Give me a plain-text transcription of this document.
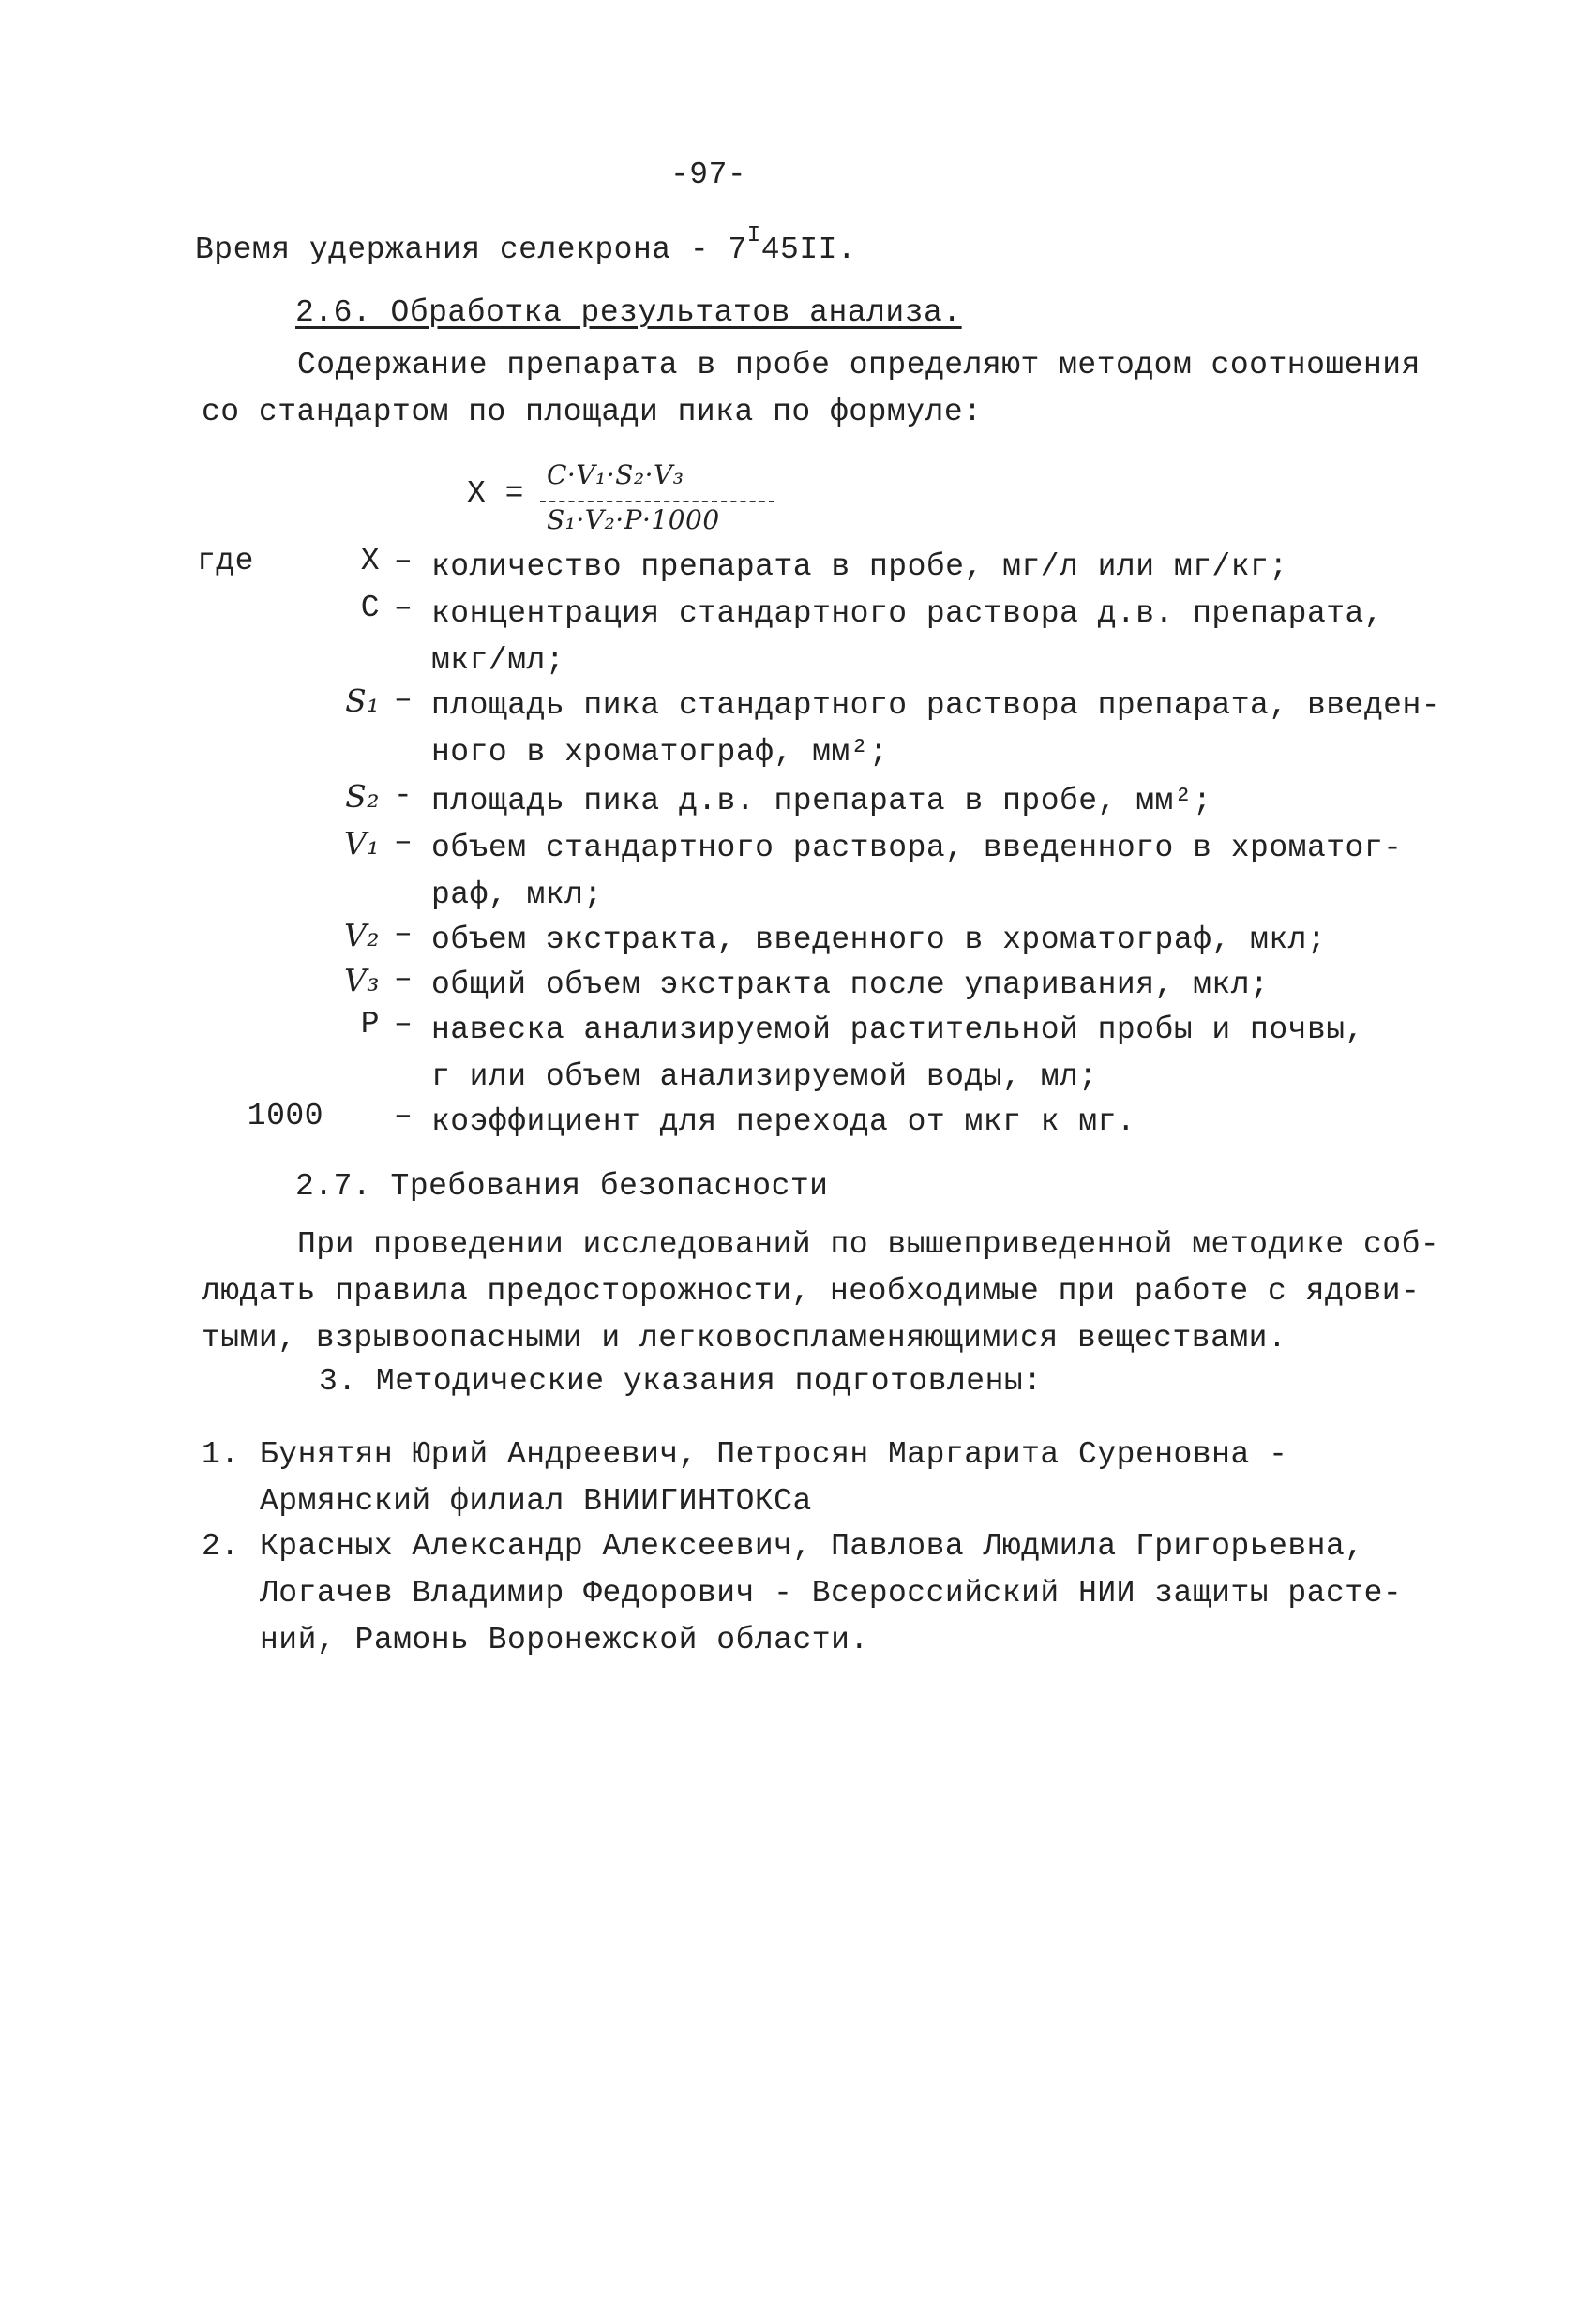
-97-
Время удержания селекрона - $7^I45II$.
2.6. Обработка результатов анализа.
Содержание препарата в пробе определяют методом соотношения
со стандартом по площади пика по формуле:
X =
C·V₁·S₂·V₃
S₁·V₂·P·1000
где	X – количество препарата в пробе, мг/л или мг/кг;
C – концентрация стандартного раствора д.в. препарата,
мкг/мл;
S₁ – площадь пика стандартного раствора препарата, введен-
ного в хроматограф, мм²;
S₂ - площадь пика д.в. препарата в пробе, мм²;
V₁ – объем стандартного раствора, введенного в хроматог-
раф, мкл;
V₂ – объем экстракта, введенного в хроматограф, мкл;
V₃ – общий объем экстракта после упаривания, мкл;
P – навеска анализируемой растительной пробы и почвы,
г или объем анализируемой воды, мл;
1000 – коэффициент для перехода от мкг к мг.
2.7. Требования безопасности
При проведении исследований по вышеприведенной методике соб-
людать правила предосторожности, необходимые при работе с ядови-
тыми, взрывоопасными и легковоспламеняющимися веществами.
3. Методические указания подготовлены:
1. Бунятян Юрий Андреевич, Петросян Маргарита Суреновна -
Армянский филиал ВНИИГИНТОКСа
2. Красных Александр Алексеевич, Павлова Людмила Григорьевна,
Логачев Владимир Федорович - Всероссийский НИИ защиты расте-
ний, Рамонь Воронежской области.
